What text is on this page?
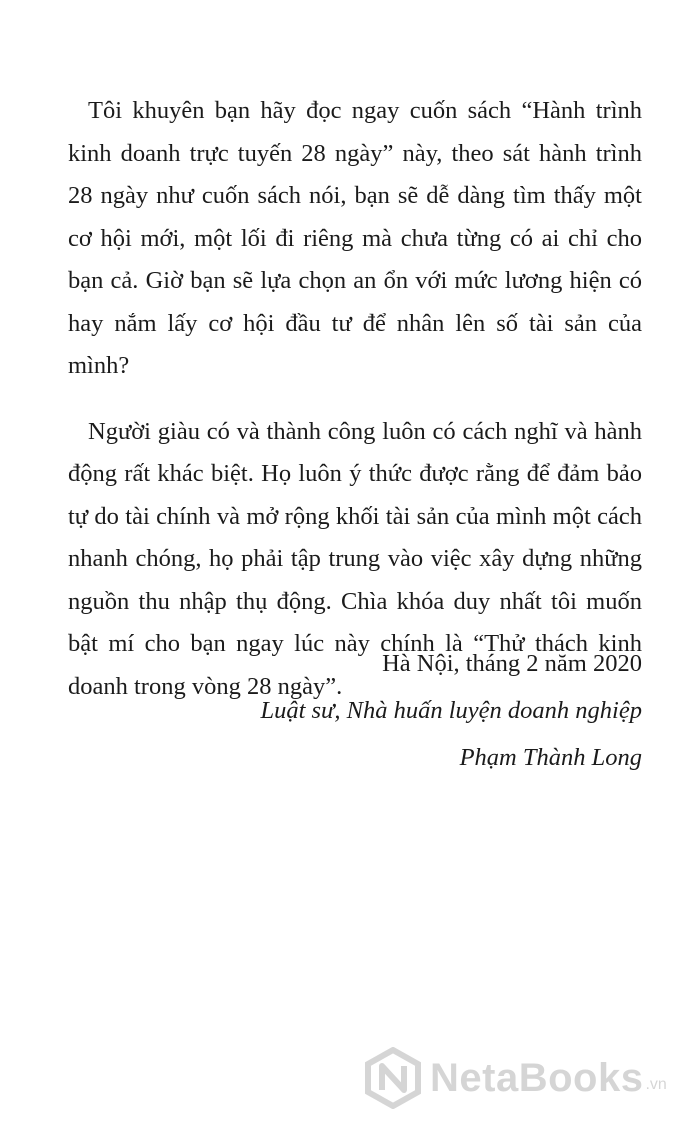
Tôi khuyên bạn hãy đọc ngay cuốn sách “Hành trình kinh doanh trực tuyến 28 ngày” này, theo sát hành trình 28 ngày như cuốn sách nói, bạn sẽ dễ dàng tìm thấy một cơ hội mới, một lối đi riêng mà chưa từng có ai chỉ cho bạn cả. Giờ bạn sẽ lựa chọn an ổn với mức lương hiện có hay nắm lấy cơ hội đầu tư để nhân lên số tài sản của mình?

Người giàu có và thành công luôn có cách nghĩ và hành động rất khác biệt. Họ luôn ý thức được rằng để đảm bảo tự do tài chính và mở rộng khối tài sản của mình một cách nhanh chóng, họ phải tập trung vào việc xây dựng những nguồn thu nhập thụ động. Chìa khóa duy nhất tôi muốn bật mí cho bạn ngay lúc này chính là “Thử thách kinh doanh trong vòng 28 ngày”.

Hà Nội, tháng 2 năm 2020
Luật sư, Nhà huấn luyện doanh nghiệp
Phạm Thành Long
NetaBooks .vn
